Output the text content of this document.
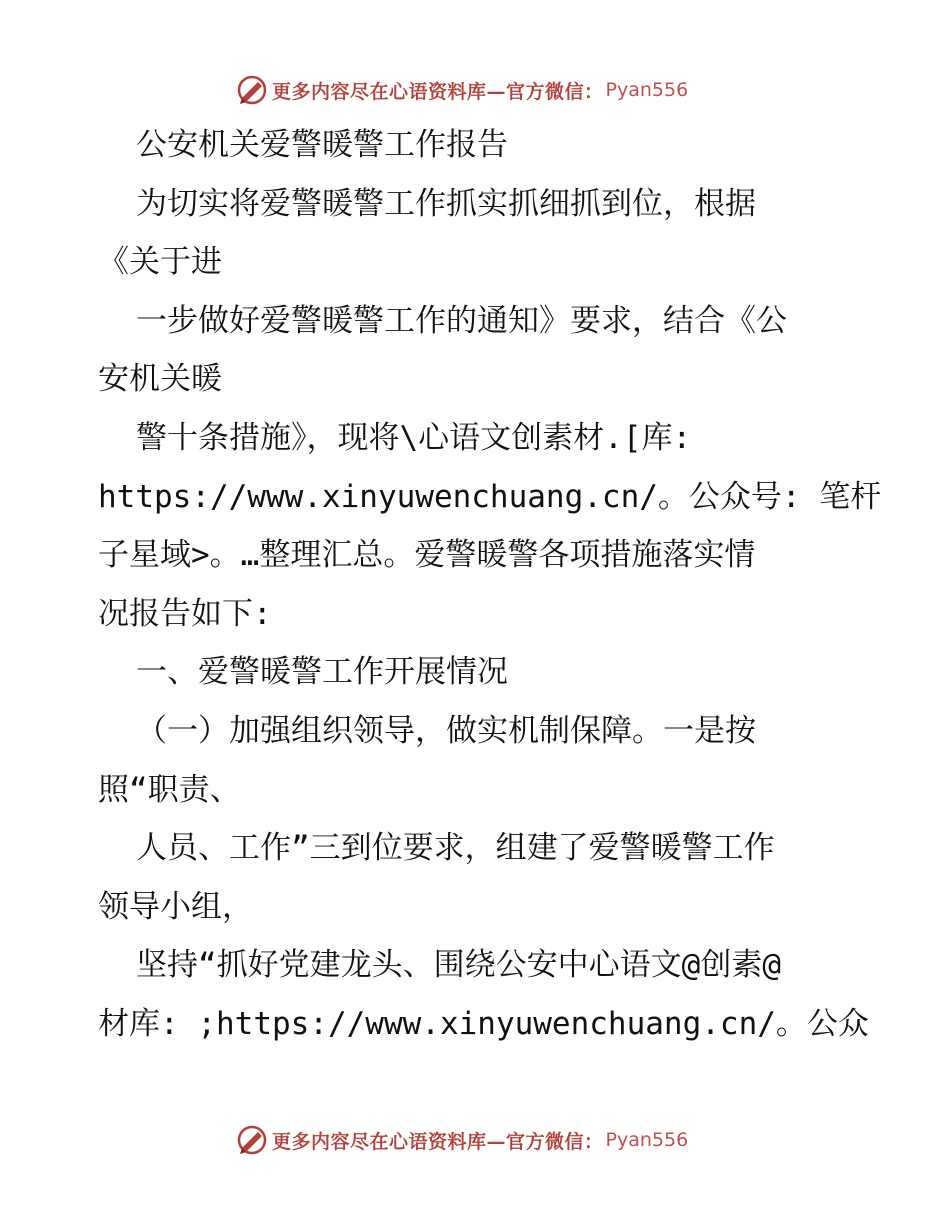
更多内容尽在心语资料库—官方微信： Pyan556
公安机关爱警暖警工作报告
为切实将爱警暖警工作抓实抓细抓到位，根据
《关于进
一步做好爱警暖警工作的通知》要求，结合《公
安机关暖
警十条措施》，现将\心语文创素材.[库:
https://www.xinyuwenchuang.cn/。公众号: 笔杆
子星域>。…整理汇总。爱警暖警各项措施落实情
况报告如下:
一、爱警暖警工作开展情况
（一）加强组织领导，做实机制保障。一是按
照“职责、
人员、工作”三到位要求，组建了爱警暖警工作
领导小组，
坚持“抓好党建龙头、围绕公安中心语文@创素@
材库: ;https://www.xinyuwenchuang.cn/。公众
更多内容尽在心语资料库—官方微信： Pyan556
